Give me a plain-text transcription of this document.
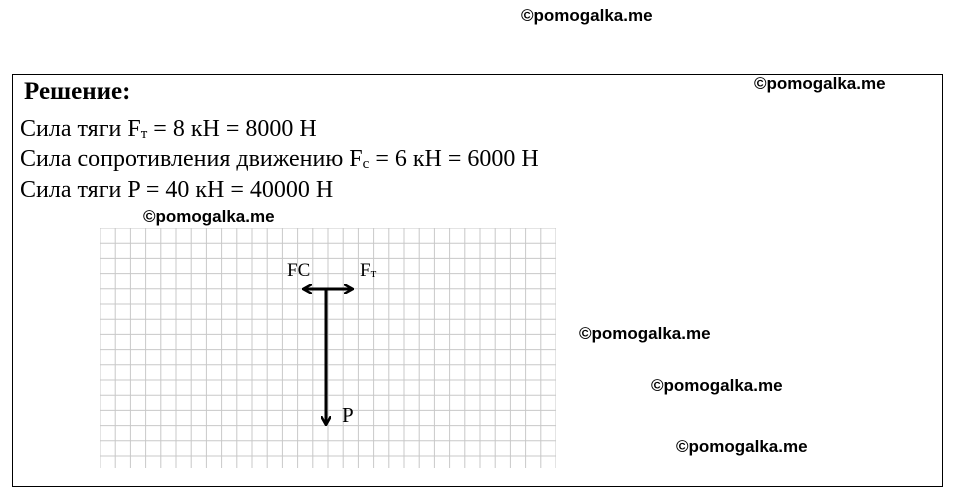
©pomogalka.me
©pomogalka.me
©pomogalka.me
©pomogalka.me
©pomogalka.me
©pomogalka.me
Решение:
Сила тяги $F_т = 8$ кН = 8000 Н
Сила сопротивления движению $F_с = 6$ кН = 6000 Н
Сила тяги P = 40 кН = 40000 Н
FC	$F_т$
P
